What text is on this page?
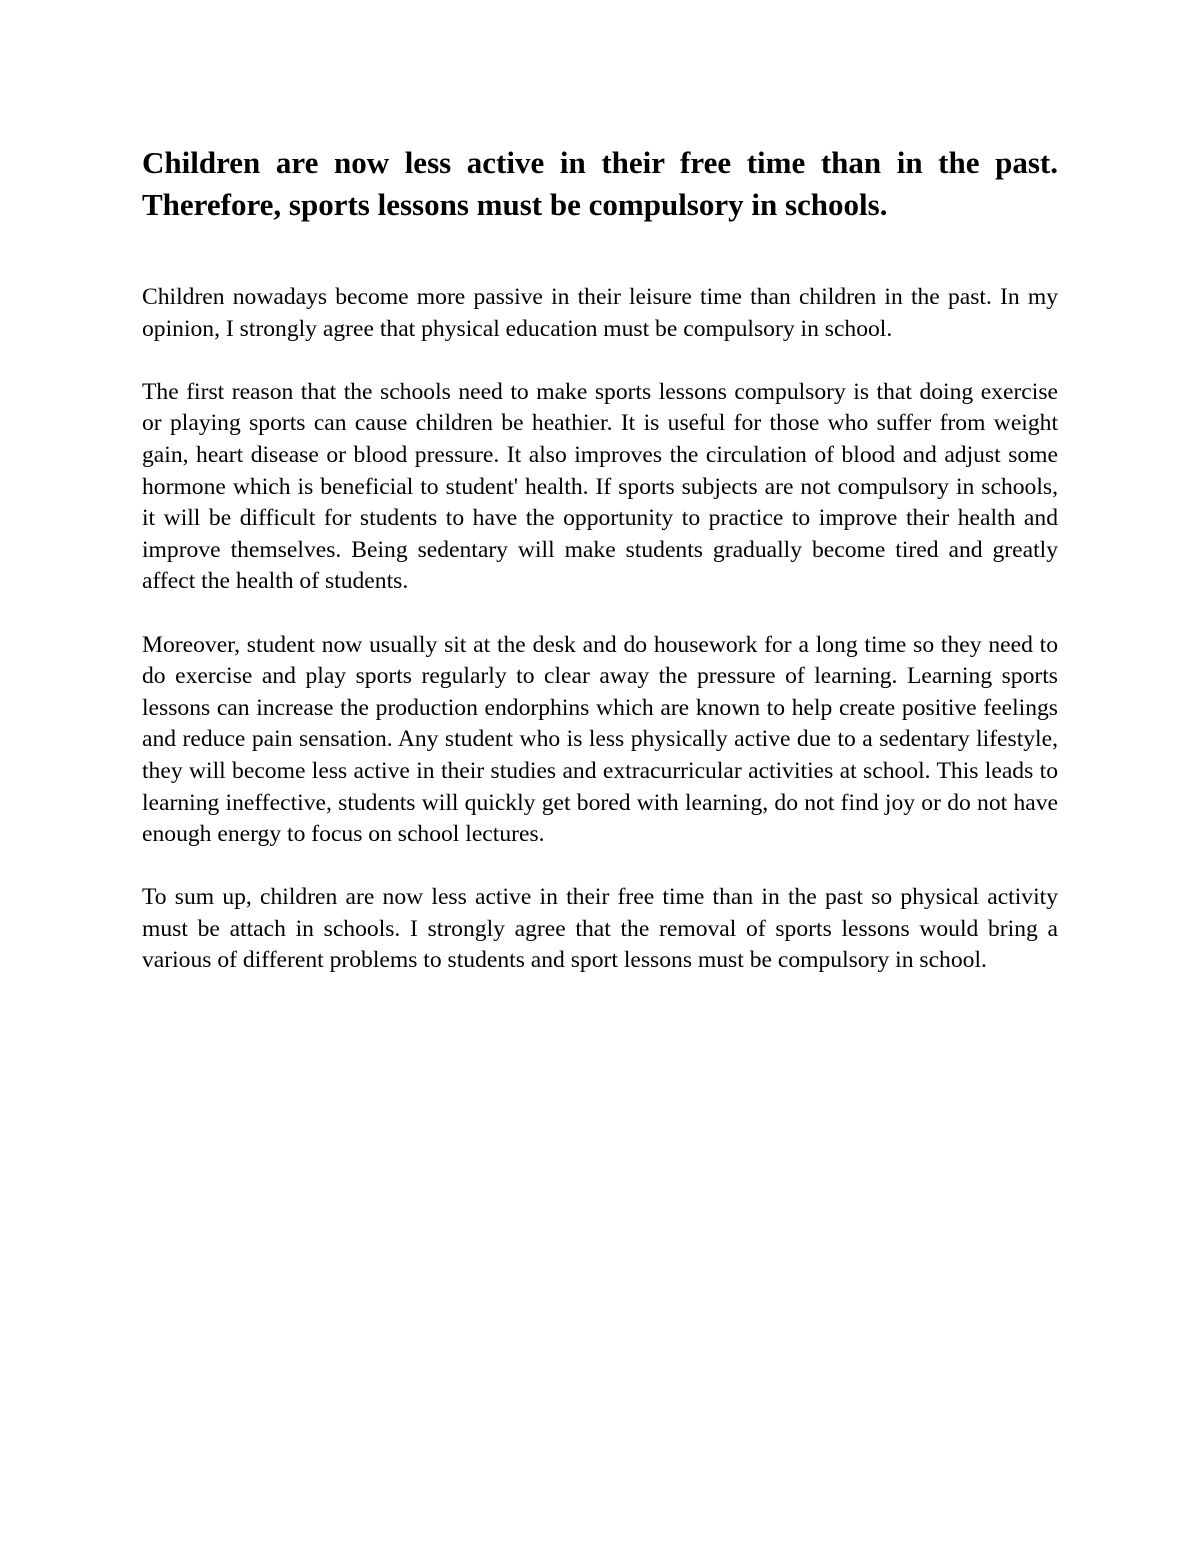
Children are now less active in their free time than in the past. Therefore, sports lessons must be compulsory in schools.

Children nowadays become more passive in their leisure time than children in the past. In my opinion, I strongly agree that physical education must be compulsory in school.

The first reason that the schools need to make sports lessons compulsory is that doing exercise or playing sports can cause children be heathier. It is useful for those who suffer from weight gain, heart disease or blood pressure. It also improves the circulation of blood and adjust some hormone which is beneficial to student' health. If sports subjects are not compulsory in schools, it will be difficult for students to have the opportunity to practice to improve their health and improve themselves. Being sedentary will make students gradually become tired and greatly affect the health of students.

Moreover, student now usually sit at the desk and do housework for a long time so they need to do exercise and play sports regularly to clear away the pressure of learning. Learning sports lessons can increase the production endorphins which are known to help create positive feelings and reduce pain sensation. Any student who is less physically active due to a sedentary lifestyle, they will become less active in their studies and extracurricular activities at school. This leads to learning ineffective, students will quickly get bored with learning, do not find joy or do not have enough energy to focus on school lectures.

To sum up, children are now less active in their free time than in the past so physical activity must be attach in schools. I strongly agree that the removal of sports lessons would bring a various of different problems to students and sport lessons must be compulsory in school.
